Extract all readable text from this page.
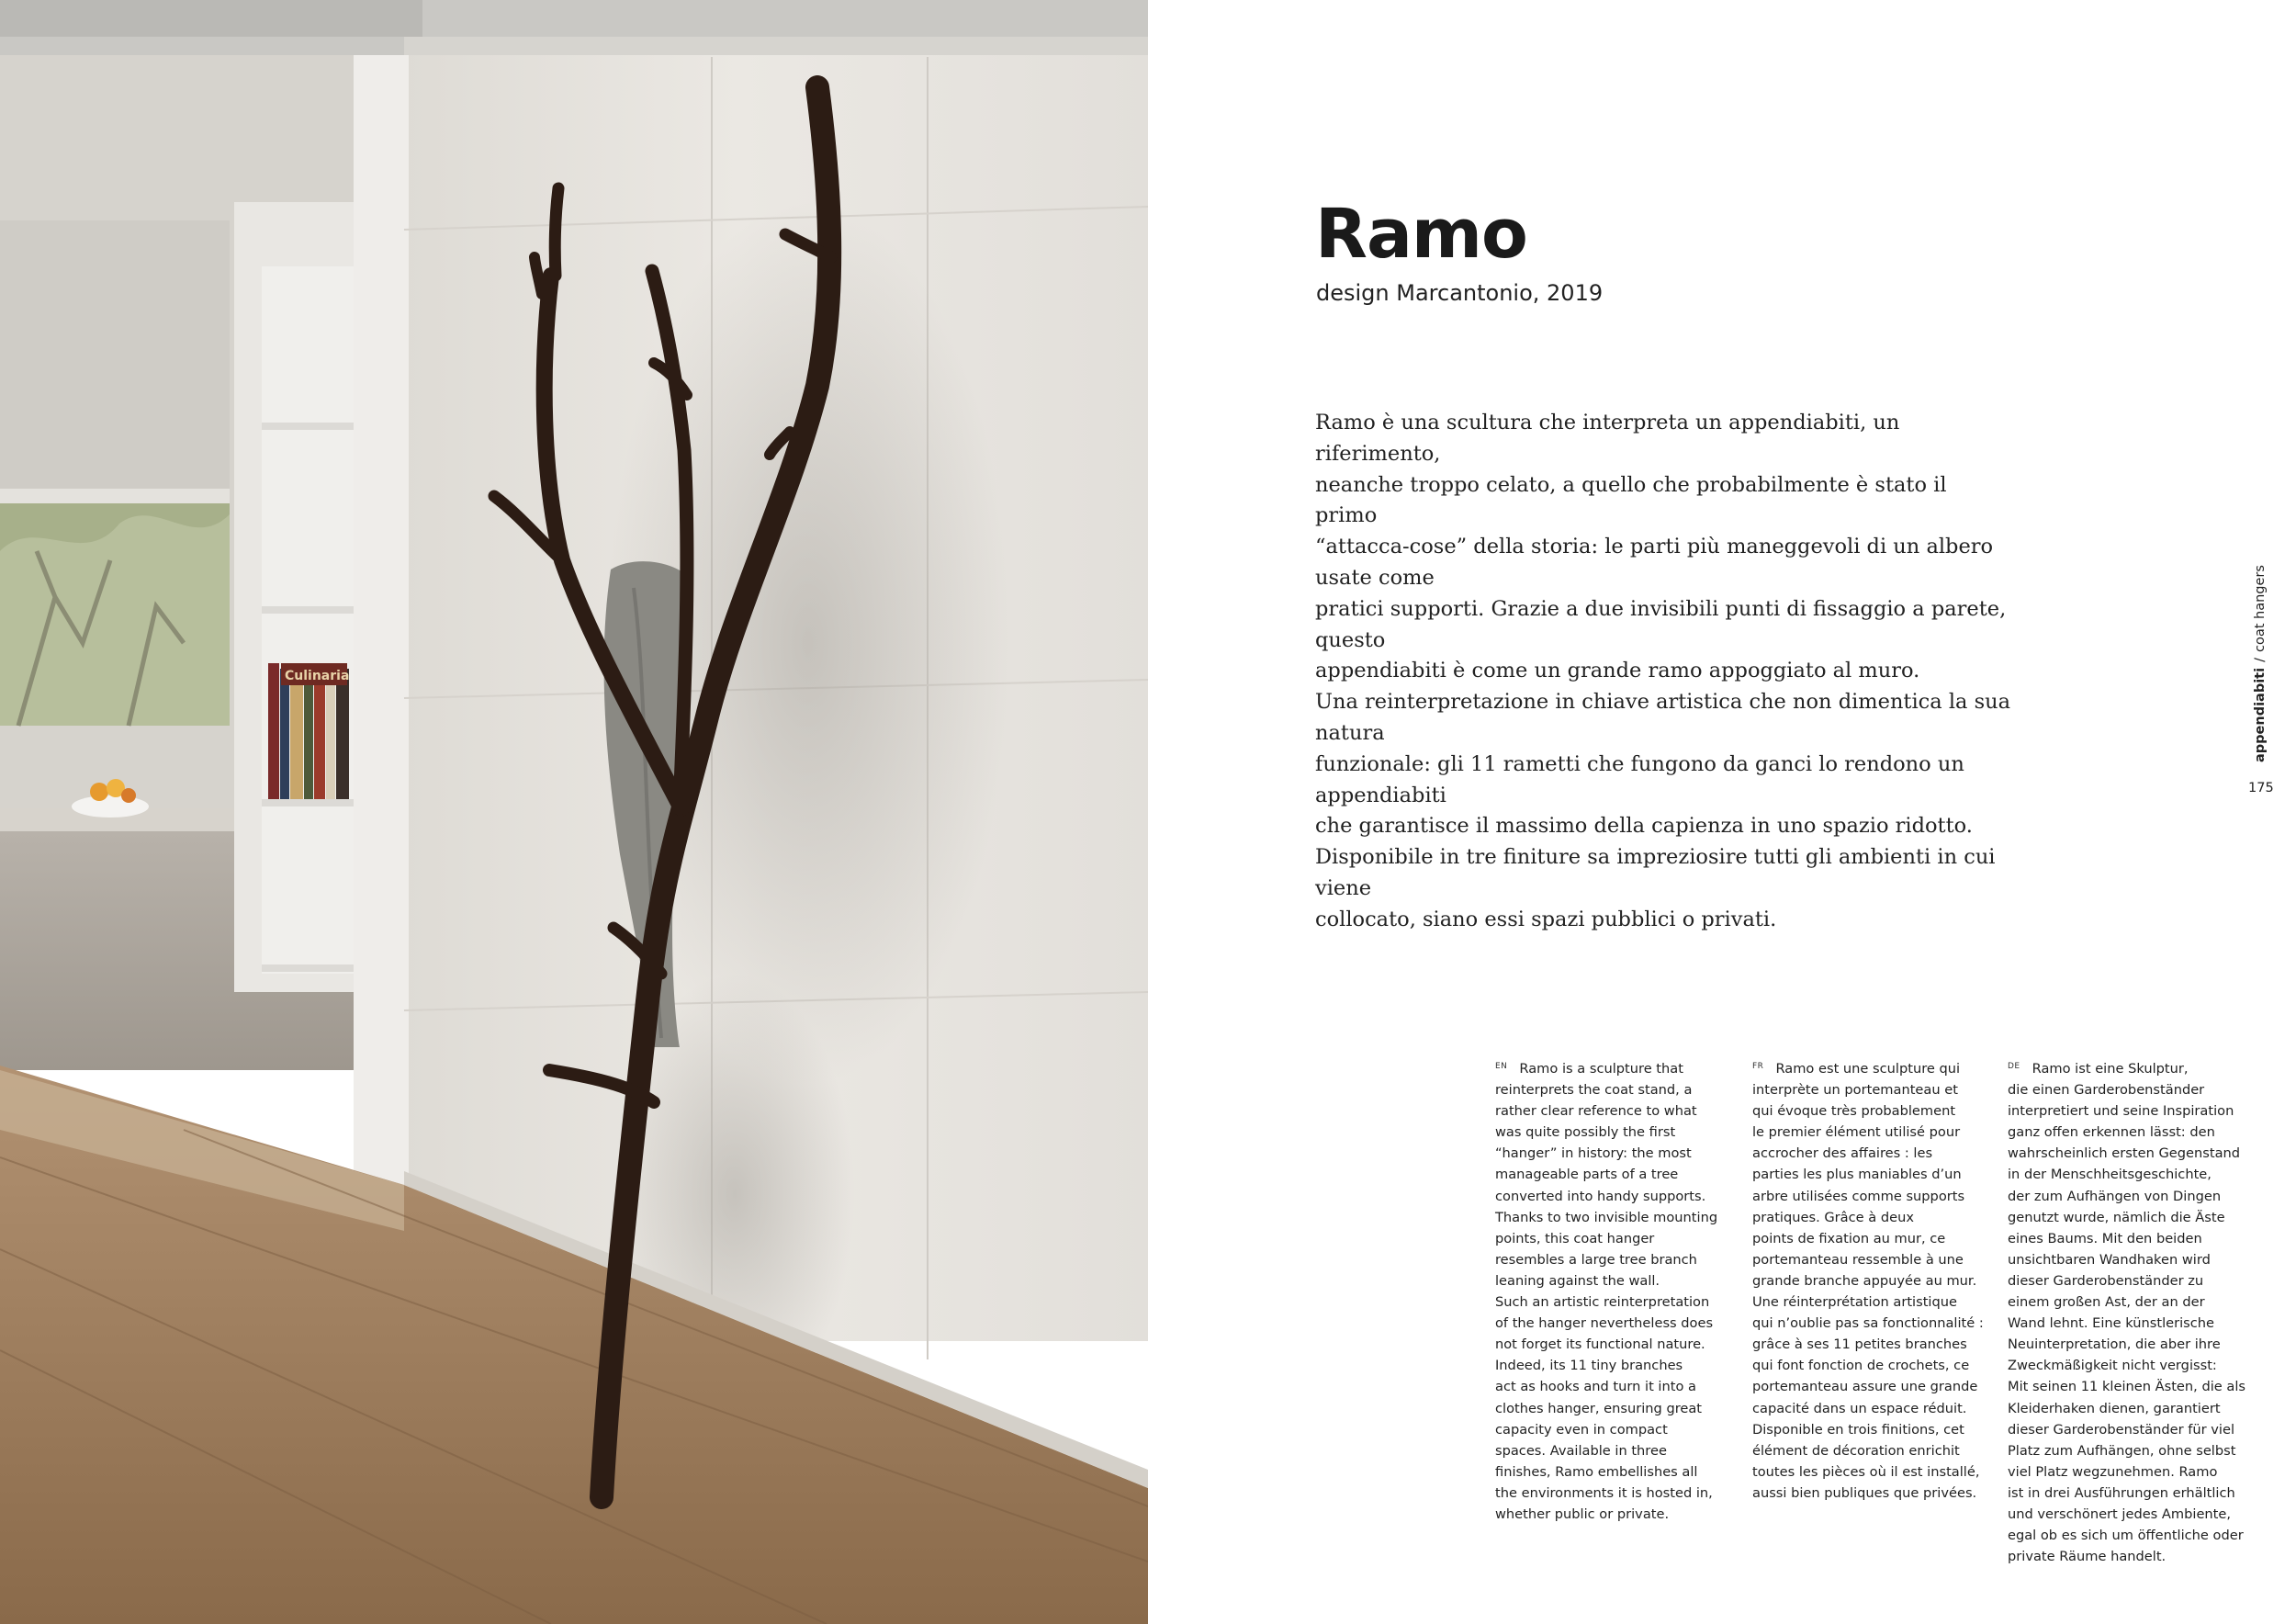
Culinaria
Ramo

design Marcantonio, 2019

Ramo è una scultura che interpreta un appendiabiti, un riferimento,

neanche troppo celato, a quello che probabilmente è stato il primo

“attacca-cose” della storia: le parti più maneggevoli di un albero usate come

pratici supporti. Grazie a due invisibili punti di fissaggio a parete, questo

appendiabiti è come un grande ramo appoggiato al muro.

Una reinterpretazione in chiave artistica che non dimentica la sua natura

funzionale: gli 11 rametti che fungono da ganci lo rendono un appendiabiti

che garantisce il massimo della capienza in uno spazio ridotto.

Disponibile in tre finiture sa impreziosire tutti gli ambienti in cui viene

collocato, siano essi spazi pubblici o privati.

$^{EN}$ Ramo is a sculpture that

reinterprets the coat stand, a

rather clear reference to what

was quite possibly the first

“hanger” in history: the most

manageable parts of a tree

converted into handy supports.

Thanks to two invisible mounting

points, this coat hanger

resembles a large tree branch

leaning against the wall.

Such an artistic reinterpretation

of the hanger nevertheless does

not forget its functional nature.

Indeed, its 11 tiny branches

act as hooks and turn it into a

clothes hanger, ensuring great

capacity even in compact

spaces. Available in three

finishes, Ramo embellishes all

the environments it is hosted in,

whether public or private.

$^{FR}$ Ramo est une sculpture qui

interprète un portemanteau et

qui évoque très probablement

le premier élément utilisé pour

accrocher des affaires : les

parties les plus maniables d’un

arbre utilisées comme supports

pratiques. Grâce à deux

points de fixation au mur, ce

portemanteau ressemble à une

grande branche appuyée au mur.

Une réinterprétation artistique

qui n’oublie pas sa fonctionnalité :

grâce à ses 11 petites branches

qui font fonction de crochets, ce

portemanteau assure une grande

capacité dans un espace réduit.

Disponible en trois finitions, cet

élément de décoration enrichit

toutes les pièces où il est installé,

aussi bien publiques que privées.

$^{DE}$ Ramo ist eine Skulptur,

die einen Garderobenständer

interpretiert und seine Inspiration

ganz offen erkennen lässt: den

wahrscheinlich ersten Gegenstand

in der Menschheitsgeschichte,

der zum Aufhängen von Dingen

genutzt wurde, nämlich die Äste

eines Baums. Mit den beiden

unsichtbaren Wandhaken wird

dieser Garderobenständer zu

einem großen Ast, der an der

Wand lehnt. Eine künstlerische

Neuinterpretation, die aber ihre

Zweckmäßigkeit nicht vergisst:

Mit seinen 11 kleinen Ästen, die als

Kleiderhaken dienen, garantiert

dieser Garderobenständer für viel

Platz zum Aufhängen, ohne selbst

viel Platz wegzunehmen. Ramo

ist in drei Ausführungen erhältlich

und verschönert jedes Ambiente,

egal ob es sich um öffentliche oder

private Räume handelt.

appendiabiti/coat hangers
175
